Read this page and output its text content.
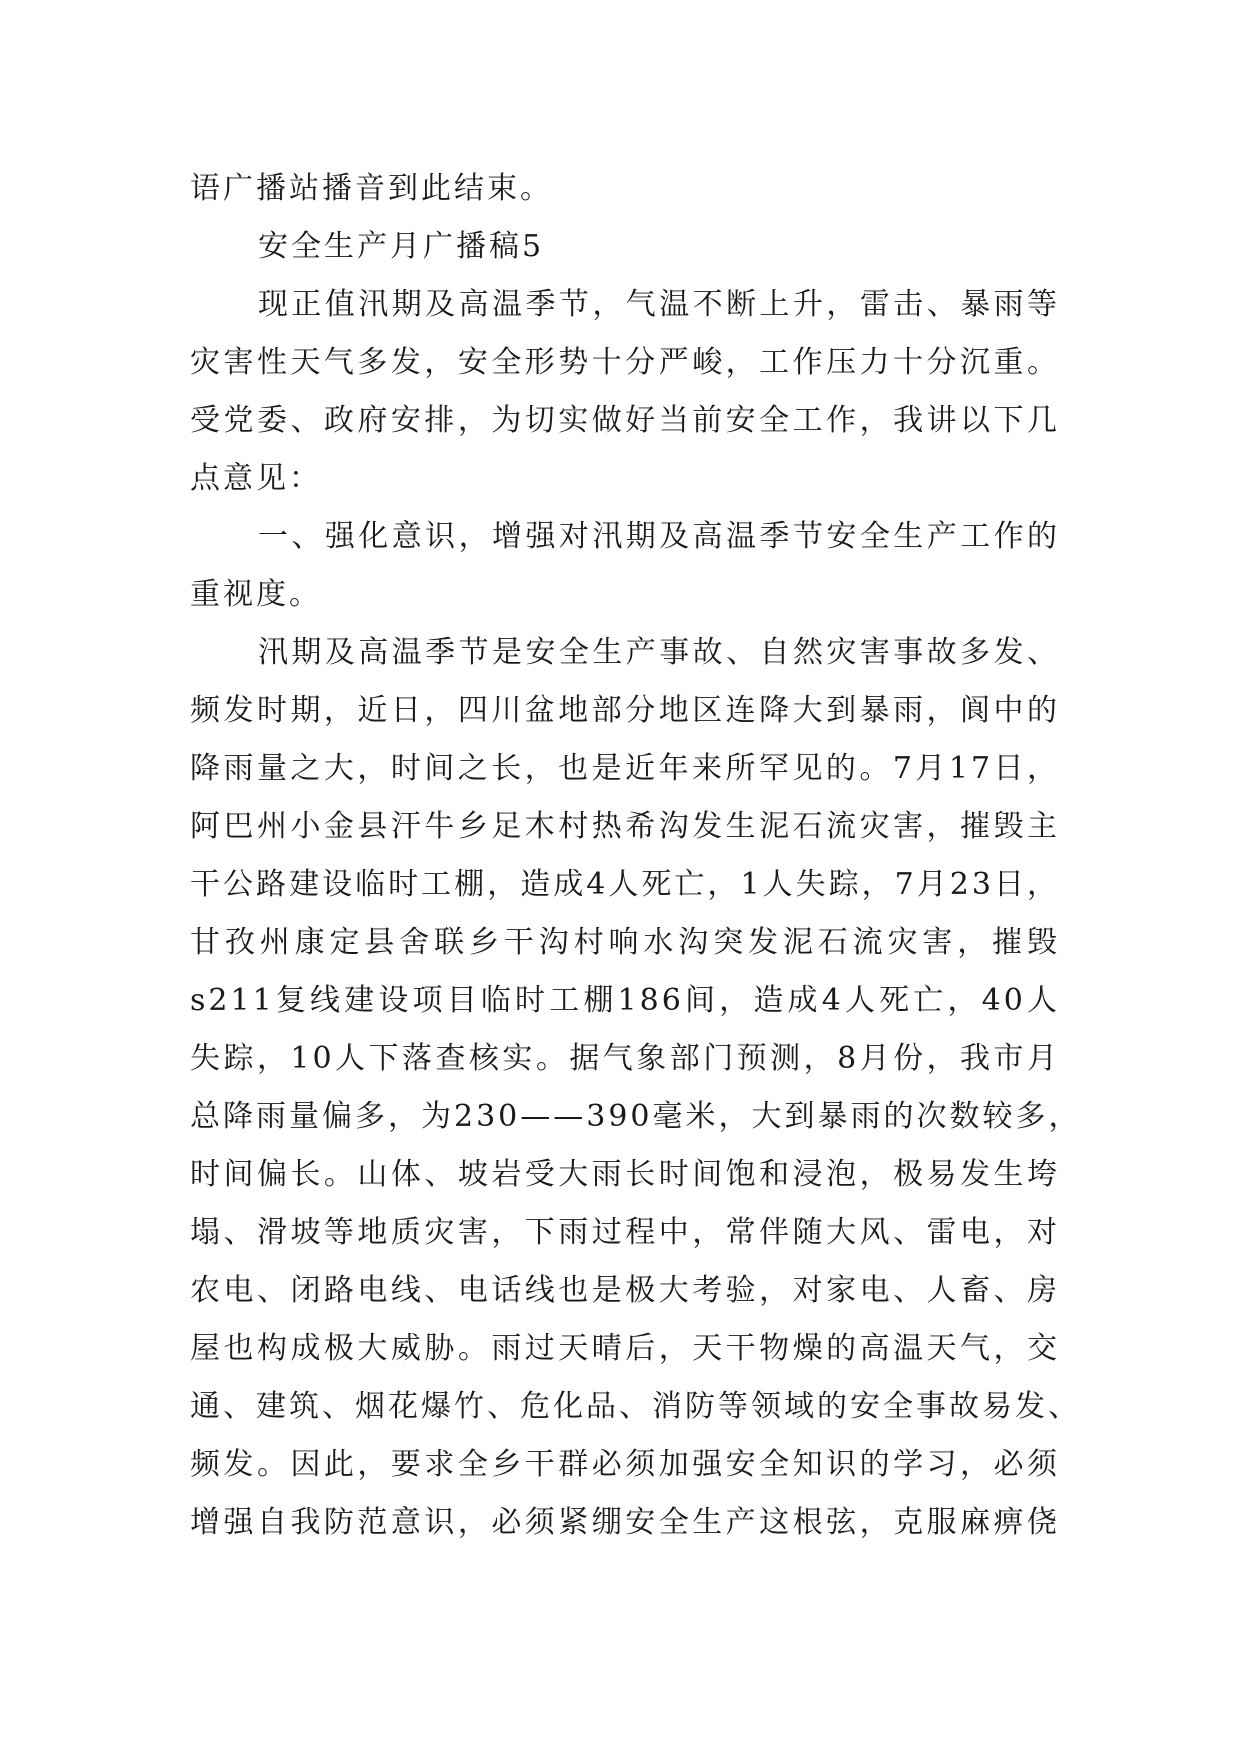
语广播站播音到此结束。
安全生产月广播稿5
现正值汛期及高温季节，气温不断上升，雷击、暴雨等
灾害性天气多发，安全形势十分严峻，工作压力十分沉重。
受党委、政府安排，为切实做好当前安全工作，我讲以下几
点意见：
一、强化意识，增强对汛期及高温季节安全生产工作的
重视度。
汛期及高温季节是安全生产事故、自然灾害事故多发、
频发时期，近日，四川盆地部分地区连降大到暴雨，阆中的
降雨量之大，时间之长，也是近年来所罕见的。7月17日，
阿巴州小金县汗牛乡足木村热希沟发生泥石流灾害，摧毁主
干公路建设临时工棚，造成4人死亡，1人失踪，7月23日，
甘孜州康定县舍联乡干沟村响水沟突发泥石流灾害，摧毁
s211复线建设项目临时工棚186间，造成4人死亡，40人
失踪，10人下落查核实。据气象部门预测，8月份，我市月
总降雨量偏多，为230——390毫米，大到暴雨的次数较多，
时间偏长。山体、坡岩受大雨长时间饱和浸泡，极易发生垮
塌、滑坡等地质灾害，下雨过程中，常伴随大风、雷电，对
农电、闭路电线、电话线也是极大考验，对家电、人畜、房
屋也构成极大威胁。雨过天晴后，天干物燥的高温天气，交
通、建筑、烟花爆竹、危化品、消防等领域的安全事故易发、
频发。因此，要求全乡干群必须加强安全知识的学习，必须
增强自我防范意识，必须紧绷安全生产这根弦，克服麻痹侥
